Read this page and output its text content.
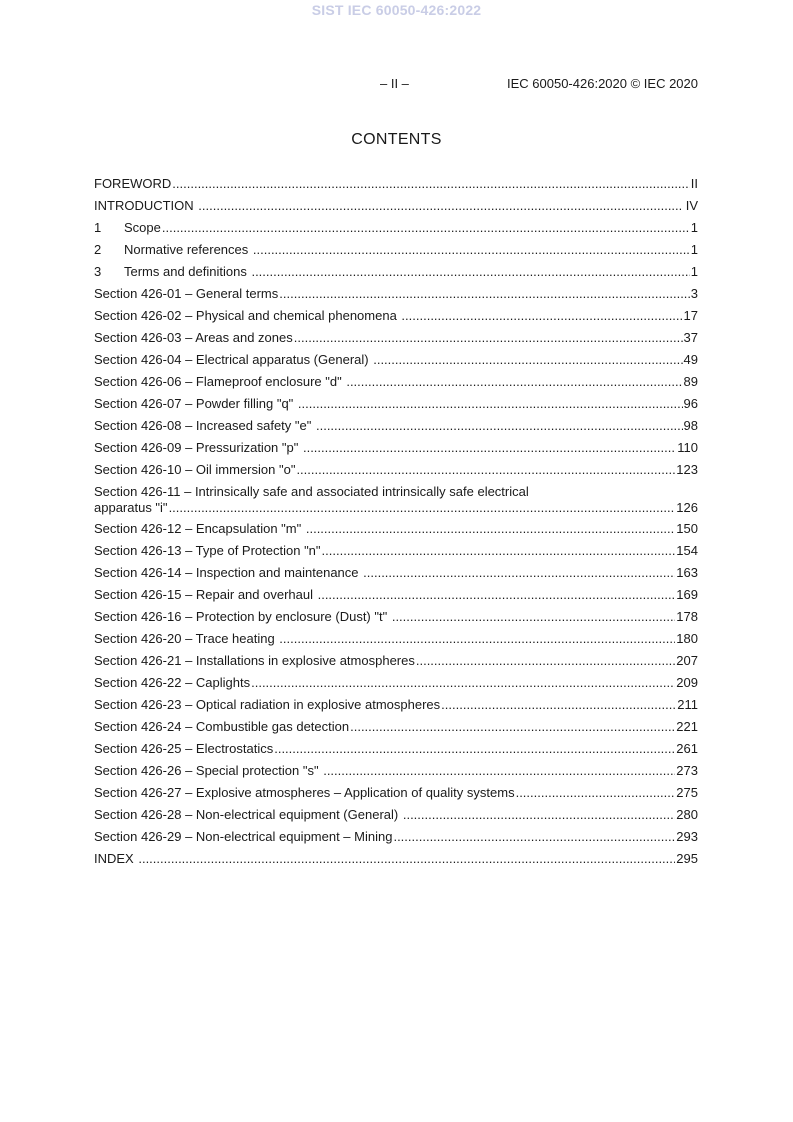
SIST IEC 60050-426:2022
– II –	IEC 60050-426:2020 © IEC 2020
CONTENTS
FOREWORD .....	II
INTRODUCTION .....	IV
1	Scope .....	1
2	Normative references .....	1
3	Terms and definitions .....	1
Section 426-01 – General terms .....	3
Section 426-02 – Physical and chemical phenomena .....	17
Section 426-03 – Areas and zones .....	37
Section 426-04 – Electrical apparatus (General) .....	49
Section 426-06 – Flameproof enclosure "d" .....	89
Section 426-07 – Powder filling "q" .....	96
Section 426-08 – Increased safety "e" .....	98
Section 426-09 – Pressurization "p" .....	110
Section 426-10 – Oil immersion "o" .....	123
Section 426-11 – Intrinsically safe and associated intrinsically safe electrical
apparatus "i" .....	126
Section 426-12 – Encapsulation "m" .....	150
Section 426-13 – Type of Protection "n" .....	154
Section 426-14 – Inspection and maintenance .....	163
Section 426-15 – Repair and overhaul .....	169
Section 426-16 – Protection by enclosure (Dust) "t" .....	178
Section 426-20 – Trace heating .....	180
Section 426-21 – Installations in explosive atmospheres .....	207
Section 426-22 – Caplights .....	209
Section 426-23 – Optical radiation in explosive atmospheres .....	211
Section 426-24 – Combustible gas detection .....	221
Section 426-25 – Electrostatics .....	261
Section 426-26 – Special protection "s" .....	273
Section 426-27 – Explosive atmospheres – Application of quality systems .....	275
Section 426-28 – Non-electrical equipment (General) .....	280
Section 426-29 – Non-electrical equipment – Mining .....	293
INDEX .....	295
